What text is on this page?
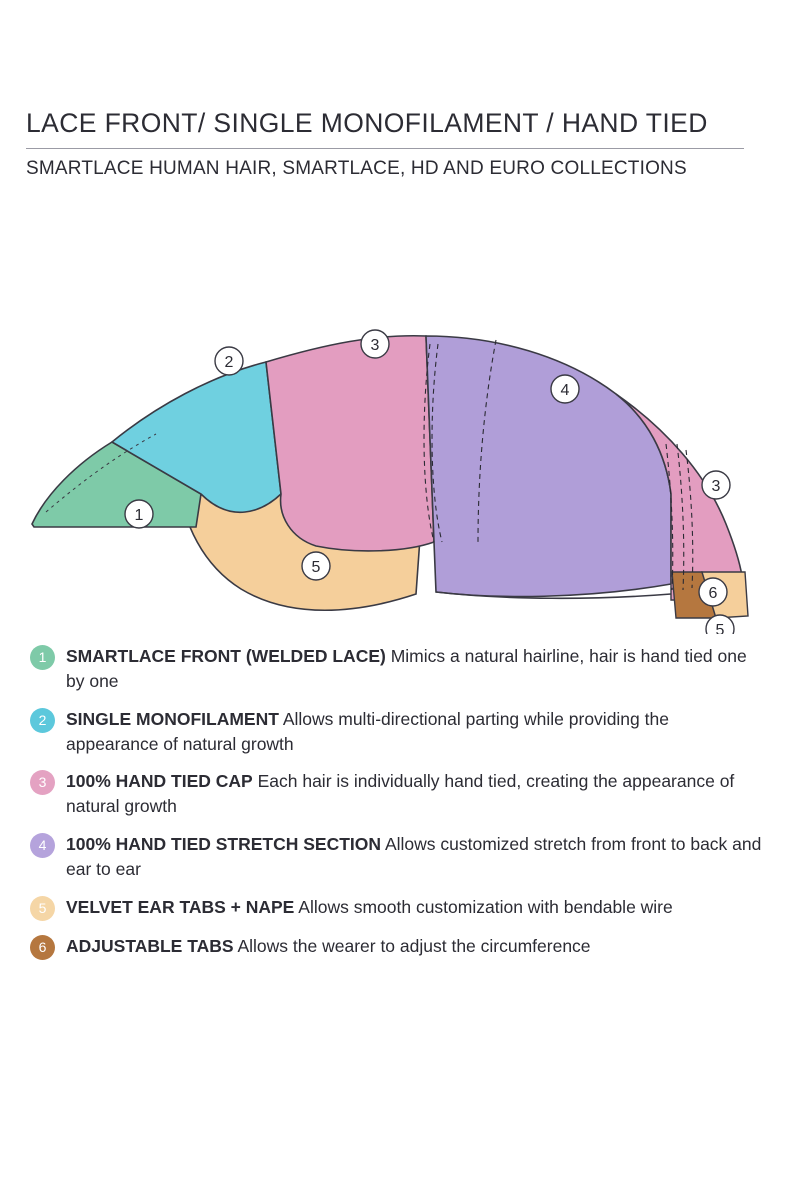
LACE FRONT/ SINGLE MONOFILAMENT / HAND TIED
SMARTLACE HUMAN HAIR, SMARTLACE, HD AND EURO COLLECTIONS
1
2
3
4
3
5
6
5
1	SMARTLACE FRONT (WELDED LACE) Mimics a natural hairline, hair is hand tied one by one
2	SINGLE MONOFILAMENT Allows multi-directional parting while providing the appearance of natural growth
3	100% HAND TIED CAP Each hair is individually hand tied, creating the appearance of natural growth
4	100% HAND TIED STRETCH SECTION Allows customized stretch from front to back and ear to ear
5	VELVET EAR TABS + NAPE Allows smooth customization with bendable wire
6	ADJUSTABLE TABS Allows the wearer to adjust the circumference
